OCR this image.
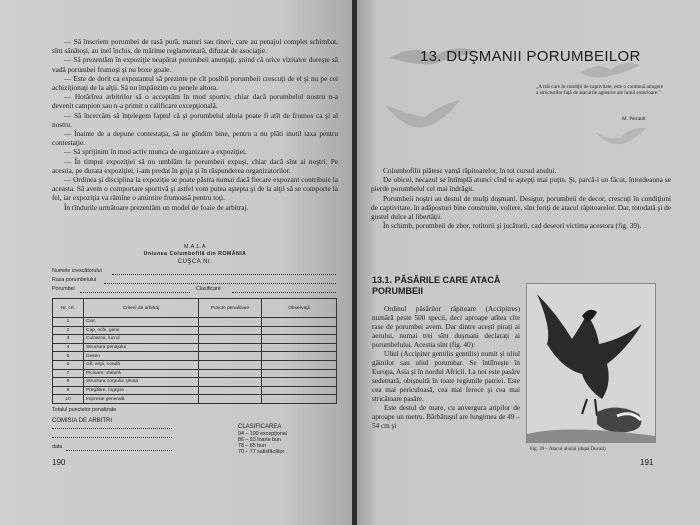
— Să înscriem porumbei de rasă pură, maturi sau tineri, care au penajul complet schimbat, sînt sănătoşi, au inel închis, de mărime reglamentară, difuzat de asociaţie.

— Să prezentăm în expoziţie neapărat porumbeii anunţaţi, ştiind că orice vizitator doreşte să vadă porumbei frumoşi şi nu boxe goale.

— Este de dorit ca expozantul să prezinte pe cît posibil porumbeii crescuţi de el şi nu pe cei achiziţionaţi de la alţii. Să nu împânzim cu penele altora.

— Hotărîrea arbitrilor să o acceptăm în mod sportiv, chiar dacă porumbelul nostru n-a devenit campion sau n-a primit o calificare excepţională.

— Să încercăm să înţelegem faptul că şi porumbelul altuia poate fi atît de frumos ca şi al nostru.

— Înainte de a depune contestaţia, să ne gîndim bine, pentru a nu plăti inutil taxa pentru contestaţie.

— Să sprijinim în mod activ munca de organizare a expoziţiei.

— În timpul expoziţiei să nu umblăm la porumbeii expuşi, chiar dacă sînt ai noştri. Pe acestia, pe durata expoziţiei, i-am predat în grija şi în răspunderea organizatorilor.

— Ordinea şi disciplina la expoziţie se poate păstra numai dacă fiecare expozant contribuie la aceasta. Să avem o comportare sportivă şi astfel vom putea aştepta şi de la alţii să se comporte la fel, iar expoziţia va rămîne o amintire frumoasă pentru toţi.

În rîndurile următoare prezentăm un model de foaie de arbitraj.

M.A.L.A
Uniunea Columbofilă din ROMÂNIA
CUŞCA Nr.
Numele crescătorului
Rasa porumbelului
Porumbel	Clasificare
Nr. crt.	Criterii de arbitraj	Puncte penalizare	Observaţii
1	Cioc		
2	Cap, ochi, gene		
3	Culoarea, lucrul		
4	Structura penajului		
5	Desen		
6	Gît, aripi, coadă		
7	Picioare, statură		
8	Structura corpului, ţinuta		
9	Pregătire, îngrijire		
10	Impresie generală		
Totalul punctelor penalizate
COMISIA DE ARBITRI
data
CLASIFICAREA
94 – 100 excepţional
86 – 93 foarte bun
78 – 85 bun
70 – 77 satisfăcător
190
13. DUŞMANII PORUMBEILOR
„A trăi care în condiţii de captivitate, este o continuă atingere a structurilor faţă de atacurile agresive ale lumii exterioare."
M. Perrault

Columbofilii plătesc vamă răpitoarelor, în tot cursul anului.

De obicei, necazul se întîmplă atunci cînd te aştepţi mai puţin. Şi, parcă-i un făcut, întotdeauna se pierde porumbelul cel mai îndrăgit.

Porumbeii noştri au destul de mulţi duşmani. Desigur, porumbeii de decor, crescuţi în condiţiuni de captivitate, în adăposturi bine construite, voliere, sînt feriţi de atacul răpitoarelor. Dar, totodată şi de gustul dulce al libertăţii.

În schimb, porumbeii de zbor, rotitorii şi jucătorii, cad deseori victima acestora (fig. 39).

13.1. PĂSĂRILE CARE ATACĂ PORUMBEII

Ordinul păsărilor răpitoare (Accipitres) numără peste 500 specii, deci aproape atîtea cîte rase de porumbei avem. Dar dintre acești pirați ai aerului, numai trei sînt duşmani declaraţi ai porumbelului. Acestia sînt (fig. 40):

Uliul (Accipiter gentilis gentilis) numit şi uliul găinilor sau uliul porumbar. Se întîlneşte în Europa, Asia şi în nordul Africii. La noi este pasăre sedentară, obişnuită în toate regiunile patriei. Este cea mai periculoasă, cea mai feroce şi cea mai stricătoare pasăre.

Este destul de mare, cu anvergura aripilor de aproape un metru. Bărbătuşul are lungimea de 49 – 54 cm şi

Fig. 39 – Atacul uliului (după Duvall)
191
